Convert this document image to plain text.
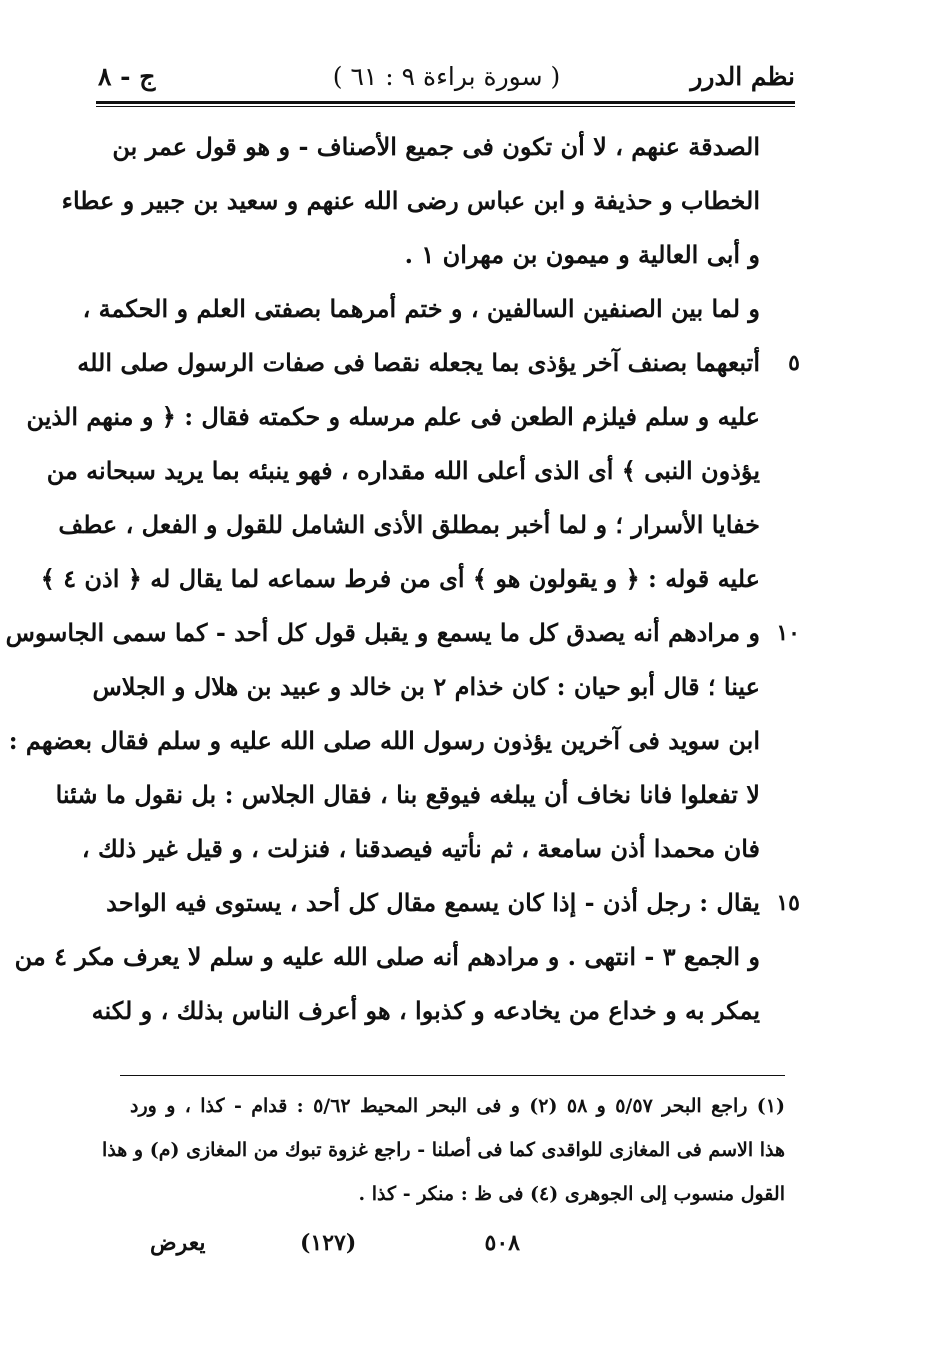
نظم الدرر
( سورة براءة ٩ : ٦١ )
ج - ٨
الصدقة عنهم ، لا أن تكون فى جميع الأصناف - و هو قول عمر بن
الخطاب و حذيفة و ابن عباس رضى الله عنهم و سعيد بن جبير و عطاء
و أبى العالية و ميمون بن مهران ١ .
و لما بين الصنفين السالفين ، و ختم أمرهما بصفتى العلم و الحكمة ،
٥
أتبعهما بصنف آخر يؤذى بما يجعله نقصا فى صفات الرسول صلى الله
عليه و سلم فيلزم الطعن فى علم مرسله و حكمته فقال : ﴿ و منهم الذين
يؤذون النبى ﴾ أى الذى أعلى الله مقداره ، فهو ينبئه بما يريد سبحانه من
خفايا الأسرار ؛ و لما أخبر بمطلق الأذى الشامل للقول و الفعل ، عطف
عليه قوله : ﴿ و يقولون هو ﴾ أى من فرط سماعه لما يقال له ﴿ اذن ٤ ﴾
١٠
و مرادهم أنه يصدق كل ما يسمع و يقبل قول كل أحد - كما سمى الجاسوس
عينا ؛ قال أبو حيان : كان خذام ٢ بن خالد و عبيد بن هلال و الجلاس
ابن سويد فى آخرين يؤذون رسول الله صلى الله عليه و سلم فقال بعضهم :
لا تفعلوا فانا نخاف أن يبلغه فيوقع بنا ، فقال الجلاس : بل نقول ما شئنا
فان محمدا أذن سامعة ، ثم نأتيه فيصدقنا ، فنزلت ، و قيل غير ذلك ،
١٥
يقال : رجل أذن - إذا كان يسمع مقال كل أحد ، يستوى فيه الواحد
و الجمع ٣ - انتهى . و مرادهم أنه صلى الله عليه و سلم لا يعرف مكر ٤ من
يمكر به و خداع من يخادعه و كذبوا ، هو أعرف الناس بذلك ، و لكنه
(١) راجع البحر ٥/٥٧ و ٥٨ (٢) و فى البحر المحيط ٥/٦٢ : قدام - كذا ، و ورد
هذا الاسم فى المغازى للواقدى كما فى أصلنا - راجع غزوة تبوك من المغازى (م) و هذا
القول منسوب إلى الجوهرى (٤) فى ظ : منكر - كذا .
٥٠٨
(١٢٧)
يعرض
